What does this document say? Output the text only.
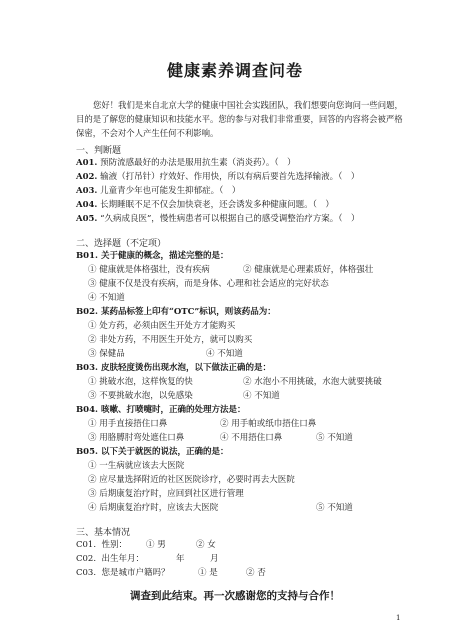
健康素养调查问卷
您好！我们是来自北京大学的健康中国社会实践团队，我们想要向您询问一些问题，目的是了解您的健康知识和技能水平。您的参与对我们非常重要，回答的内容将会被严格保密，不会对个人产生任何不利影响。
一、判断题
A01. 预防流感最好的办法是服用抗生素（消炎药）。（　）
A02. 输液（打吊针）疗效好、作用快，所以有病后要首先选择输液。（　）
A03. 儿童青少年也可能发生抑郁症。（　）
A04. 长期睡眠不足不仅会加快衰老，还会诱发多种健康问题。（　）
A05. “久病成良医”，慢性病患者可以根据自己的感受调整治疗方案。（　）
二、选择题（不定项）
B01. 关于健康的概念，描述完整的是：
① 健康就是体格强壮，没有疾病	② 健康就是心理素质好，体格强壮
③ 健康不仅是没有疾病，而是身体、心理和社会适应的完好状态
④ 不知道
B02. 某药品标签上印有“OTC”标识，则该药品为：
① 处方药，必须由医生开处方才能购买
② 非处方药，不用医生开处方，就可以购买
③ 保健品	④ 不知道
B03. 皮肤轻度烫伤出现水泡，以下做法正确的是：
① 挑破水泡，这样恢复的快	② 水泡小不用挑破，水泡大就要挑破
③ 不要挑破水泡，以免感染	④ 不知道
B04. 咳嗽、打喷嚏时，正确的处理方法是：
① 用手直接捂住口鼻	② 用手帕或纸巾捂住口鼻
③ 用胳膊肘弯处遮住口鼻	④ 不用捂住口鼻	⑤ 不知道
B05. 以下关于就医的说法，正确的是：
① 一生病就应该去大医院
② 应尽量选择附近的社区医院诊疗，必要时再去大医院
③ 后期康复治疗时，应回到社区进行管理
④ 后期康复治疗时，应该去大医院	⑤ 不知道
三、基本情况
C01. 性别： ① 男	② 女
C02. 出生年月：	年	月
C03. 您是城市户籍吗？	① 是	② 否
调查到此结束。再一次感谢您的支持与合作！
1
